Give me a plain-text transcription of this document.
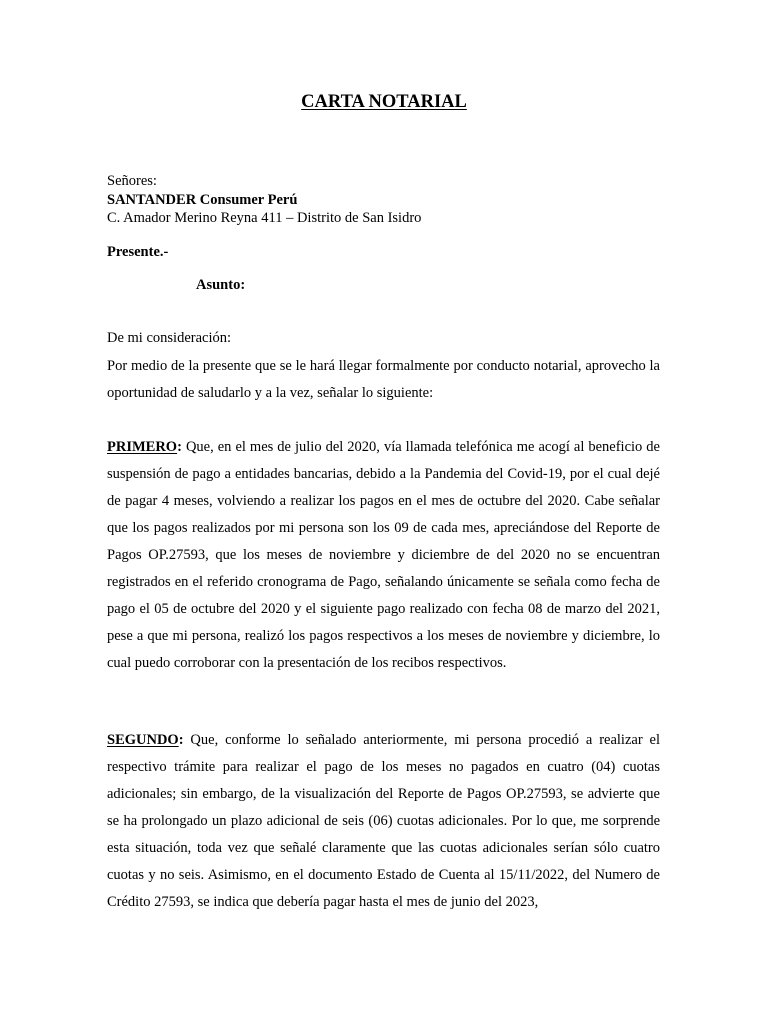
CARTA NOTARIAL
Señores:
SANTANDER Consumer Perú
C. Amador Merino Reyna 411 – Distrito de San Isidro
Presente.-
Asunto:
De mi consideración:
Por medio de la presente que se le hará llegar formalmente por conducto notarial, aprovecho la oportunidad de saludarlo y a la vez, señalar lo siguiente:
PRIMERO: Que, en el mes de julio del 2020, vía llamada telefónica me acogí al beneficio de suspensión de pago a entidades bancarias, debido a la Pandemia del Covid-19, por el cual dejé de pagar 4 meses, volviendo a realizar los pagos en el mes de octubre del 2020. Cabe señalar que los pagos realizados por mi persona son los 09 de cada mes, apreciándose del Reporte de Pagos OP.27593, que los meses de noviembre y diciembre de del 2020 no se encuentran registrados en el referido cronograma de Pago, señalando únicamente se señala como fecha de pago el 05 de octubre del 2020 y el siguiente pago realizado con fecha 08 de marzo del 2021, pese a que mi persona, realizó los pagos respectivos a los meses de noviembre y diciembre, lo cual puedo corroborar con la presentación de los recibos respectivos.
SEGUNDO: Que, conforme lo señalado anteriormente, mi persona procedió a realizar el respectivo trámite para realizar el pago de los meses no pagados en cuatro (04) cuotas adicionales; sin embargo, de la visualización del Reporte de Pagos OP.27593, se advierte que se ha prolongado un plazo adicional de seis (06) cuotas adicionales. Por lo que, me sorprende esta situación, toda vez que señalé claramente que las cuotas adicionales serían sólo cuatro cuotas y no seis. Asimismo, en el documento Estado de Cuenta al 15/11/2022, del Numero de Crédito 27593, se indica que debería pagar hasta el mes de junio del 2023,
